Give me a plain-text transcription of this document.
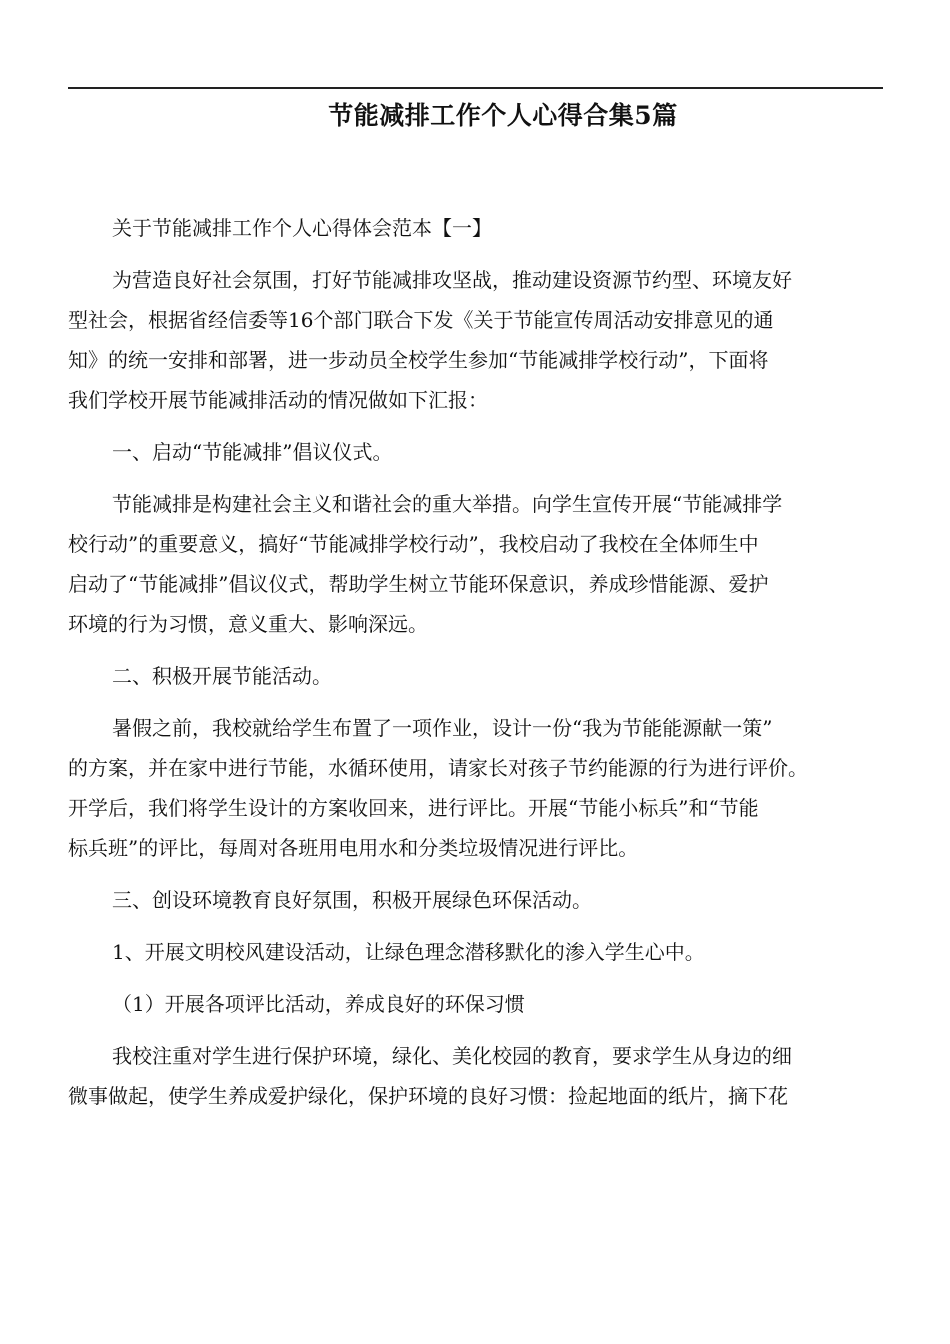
节能减排工作个人心得合集5篇
关于节能减排工作个人心得体会范本【一】
为营造良好社会氛围，打好节能减排攻坚战，推动建设资源节约型、环境友好
型社会，根据省经信委等16个部门联合下发《关于节能宣传周活动安排意见的通
知》的统一安排和部署，进一步动员全校学生参加“节能减排学校行动”，下面将
我们学校开展节能减排活动的情况做如下汇报：
一、启动“节能减排”倡议仪式。
节能减排是构建社会主义和谐社会的重大举措。向学生宣传开展“节能减排学
校行动”的重要意义，搞好“节能减排学校行动”，我校启动了我校在全体师生中
启动了“节能减排”倡议仪式，帮助学生树立节能环保意识，养成珍惜能源、爱护
环境的行为习惯，意义重大、影响深远。
二、积极开展节能活动。
暑假之前，我校就给学生布置了一项作业，设计一份“我为节能能源献一策”
的方案，并在家中进行节能，水循环使用，请家长对孩子节约能源的行为进行评价。
开学后，我们将学生设计的方案收回来，进行评比。开展“节能小标兵”和“节能
标兵班”的评比，每周对各班用电用水和分类垃圾情况进行评比。
三、创设环境教育良好氛围，积极开展绿色环保活动。
1、开展文明校风建设活动，让绿色理念潜移默化的渗入学生心中。
（1）开展各项评比活动，养成良好的环保习惯
我校注重对学生进行保护环境，绿化、美化校园的教育，要求学生从身边的细
微事做起，使学生养成爱护绿化，保护环境的良好习惯：捡起地面的纸片，摘下花
